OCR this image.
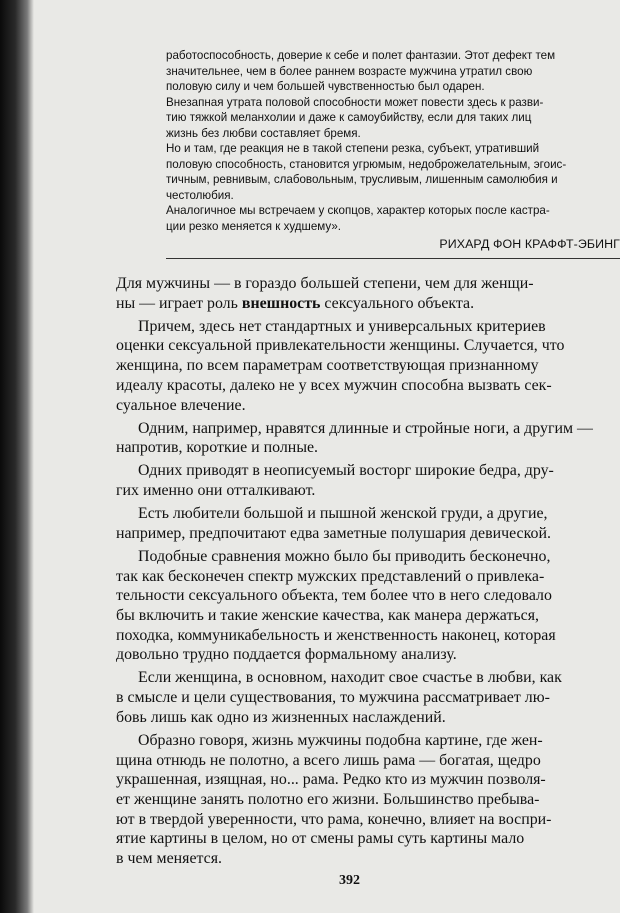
работоспособность, доверие к себе и полет фантазии. Этот дефект тем
значительнее, чем в более раннем возрасте мужчина утратил свою
половую силу и чем большей чувственностью был одарен.
Внезапная утрата половой способности может повести здесь к разви-
тию тяжкой меланхолии и даже к самоубийству, если для таких лиц
жизнь без любви составляет бремя.
Но и там, где реакция не в такой степени резка, субъект, утративший
половую способность, становится угрюмым, недоброжелательным, эгоис-
тичным, ревнивым, слабовольным, трусливым, лишенным самолюбия и
честолюбия.
Аналогичное мы встречаем у скопцов, характер которых после кастра-
ции резко меняется к худшему».
РИХАРД ФОН КРАФФТ-ЭБИНГ
Для мужчины — в гораздо большей степени, чем для женщи-
ны — играет роль внешность сексуального объекта.
Причем, здесь нет стандартных и универсальных критериев
оценки сексуальной привлекательности женщины. Случается, что
женщина, по всем параметрам соответствующая признанному
идеалу красоты, далеко не у всех мужчин способна вызвать сек-
суальное влечение.
Одним, например, нравятся длинные и стройные ноги, а другим —
напротив, короткие и полные.
Одних приводят в неописуемый восторг широкие бедра, дру-
гих именно они отталкивают.
Есть любители большой и пышной женской груди, а другие,
например, предпочитают едва заметные полушария девической.
Подобные сравнения можно было бы приводить бесконечно,
так как бесконечен спектр мужских представлений о привлека-
тельности сексуального объекта, тем более что в него следовало
бы включить и такие женские качества, как манера держаться,
походка, коммуникабельность и женственность наконец, которая
довольно трудно поддается формальному анализу.
Если женщина, в основном, находит свое счастье в любви, как
в смысле и цели существования, то мужчина рассматривает лю-
бовь лишь как одно из жизненных наслаждений.
Образно говоря, жизнь мужчины подобна картине, где жен-
щина отнюдь не полотно, а всего лишь рама — богатая, щедро
украшенная, изящная, но... рама. Редко кто из мужчин позволя-
ет женщине занять полотно его жизни. Большинство пребыва-
ют в твердой уверенности, что рама, конечно, влияет на воспри-
ятие картины в целом, но от смены рамы суть картины мало
в чем меняется.
392
